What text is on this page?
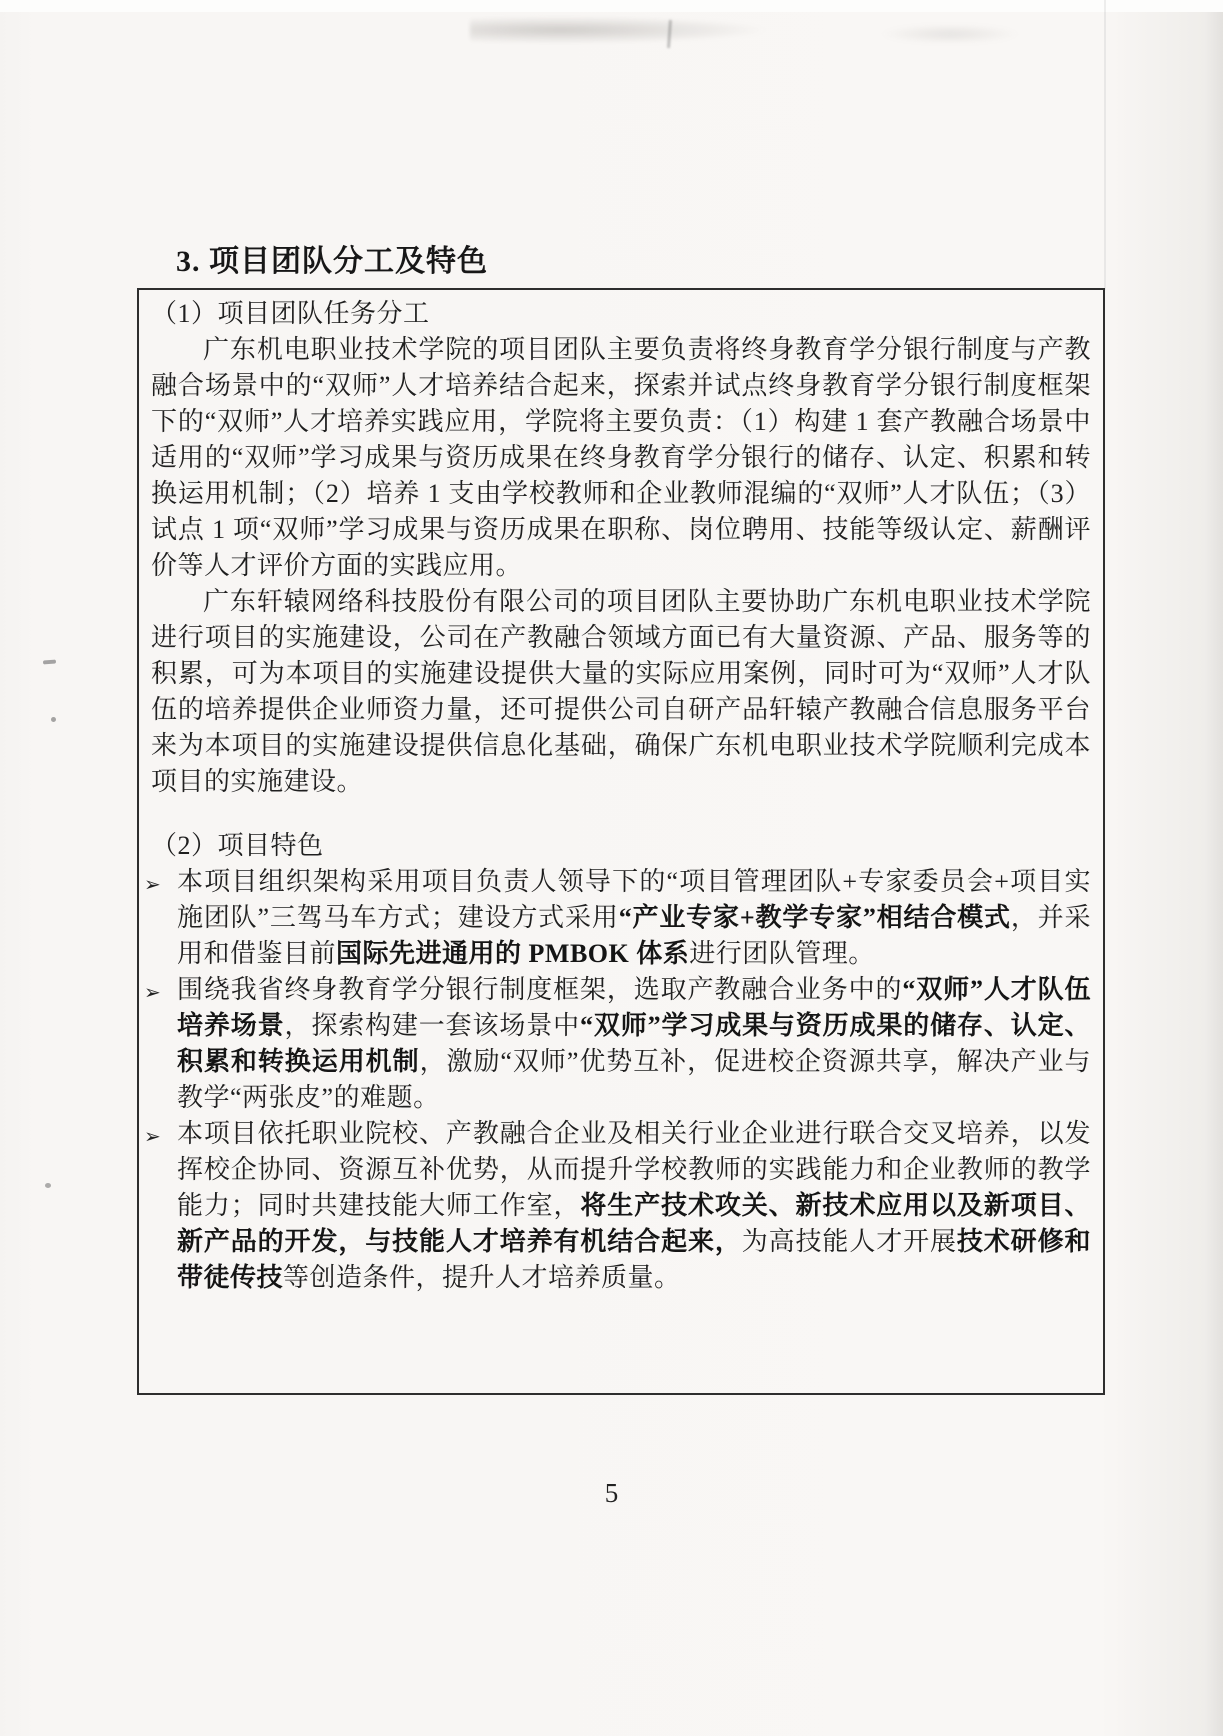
3. 项目团队分工及特色
（1）项目团队任务分工

广东机电职业技术学院的项目团队主要负责将终身教育学分银行制度与产教融合场景中的“双师”人才培养结合起来，探索并试点终身教育学分银行制度框架下的“双师”人才培养实践应用，学院将主要负责：（1）构建 1 套产教融合场景中适用的“双师”学习成果与资历成果在终身教育学分银行的储存、认定、积累和转换运用机制；（2）培养 1 支由学校教师和企业教师混编的“双师”人才队伍；（3）试点 1 项“双师”学习成果与资历成果在职称、岗位聘用、技能等级认定、薪酬评价等人才评价方面的实践应用。

广东轩辕网络科技股份有限公司的项目团队主要协助广东机电职业技术学院进行项目的实施建设，公司在产教融合领域方面已有大量资源、产品、服务等的积累，可为本项目的实施建设提供大量的实际应用案例，同时可为“双师”人才队伍的培养提供企业师资力量，还可提供公司自研产品轩辕产教融合信息服务平台来为本项目的实施建设提供信息化基础，确保广东机电职业技术学院顺利完成本项目的实施建设。

（2）项目特色
➢ 本项目组织架构采用项目负责人领导下的“项目管理团队+专家委员会+项目实施团队”三驾马车方式；建设方式采用“产业专家+教学专家”相结合模式，并采用和借鉴目前国际先进通用的 PMBOK 体系进行团队管理。
➢ 围绕我省终身教育学分银行制度框架，选取产教融合业务中的“双师”人才队伍培养场景，探索构建一套该场景中“双师”学习成果与资历成果的储存、认定、积累和转换运用机制，激励“双师”优势互补，促进校企资源共享，解决产业与教学“两张皮”的难题。
➢ 本项目依托职业院校、产教融合企业及相关行业企业进行联合交叉培养，以发挥校企协同、资源互补优势，从而提升学校教师的实践能力和企业教师的教学能力；同时共建技能大师工作室，将生产技术攻关、新技术应用以及新项目、新产品的开发，与技能人才培养有机结合起来，为高技能人才开展技术研修和带徒传技等创造条件，提升人才培养质量。
5
